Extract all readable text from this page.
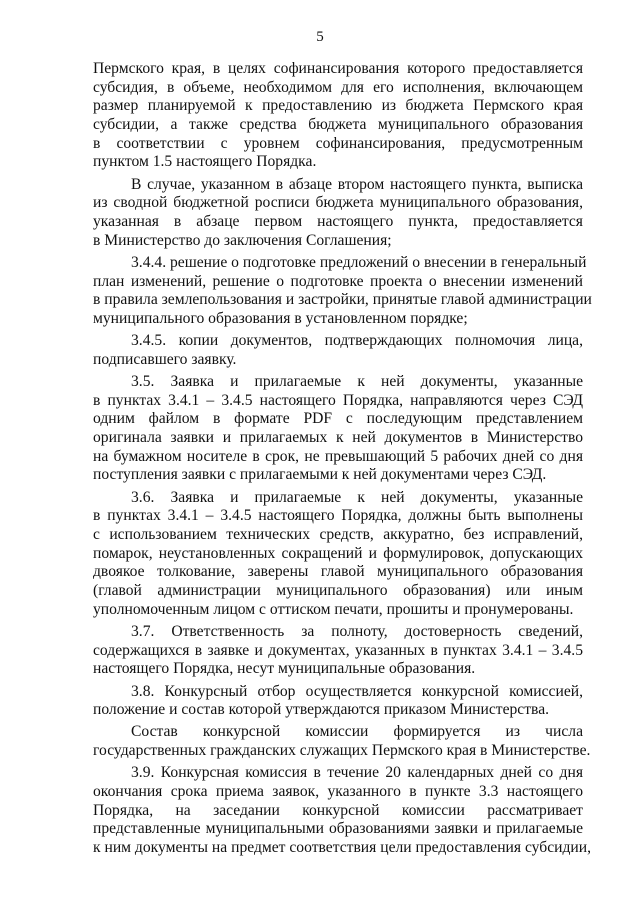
5
Пермского края, в целях софинансирования которого предоставляется
субсидия, в объеме, необходимом для его исполнения, включающем
размер планируемой к предоставлению из бюджета Пермского края
субсидии, а также средства бюджета муниципального образования
в соответствии с уровнем софинансирования, предусмотренным
пунктом 1.5 настоящего Порядка.
В случае, указанном в абзаце втором настоящего пункта, выписка
из сводной бюджетной росписи бюджета муниципального образования,
указанная в абзаце первом настоящего пункта, предоставляется
в Министерство до заключения Соглашения;
3.4.4. решение о подготовке предложений о внесении в генеральный
план изменений, решение о подготовке проекта о внесении изменений
в правила землепользования и застройки, принятые главой администрации
муниципального образования в установленном порядке;
3.4.5. копии документов, подтверждающих полномочия лица,
подписавшего заявку.
3.5. Заявка и прилагаемые к ней документы, указанные
в пунктах 3.4.1 – 3.4.5 настоящего Порядка, направляются через СЭД
одним файлом в формате PDF с последующим представлением
оригинала заявки и прилагаемых к ней документов в Министерство
на бумажном носителе в срок, не превышающий 5 рабочих дней со дня
поступления заявки с прилагаемыми к ней документами через СЭД.
3.6. Заявка и прилагаемые к ней документы, указанные
в пунктах 3.4.1 – 3.4.5 настоящего Порядка, должны быть выполнены
с использованием технических средств, аккуратно, без исправлений,
помарок, неустановленных сокращений и формулировок, допускающих
двоякое толкование, заверены главой муниципального образования
(главой администрации муниципального образования) или иным
уполномоченным лицом с оттиском печати, прошиты и пронумерованы.
3.7. Ответственность за полноту, достоверность сведений,
содержащихся в заявке и документах, указанных в пунктах 3.4.1 – 3.4.5
настоящего Порядка, несут муниципальные образования.
3.8. Конкурсный отбор осуществляется конкурсной комиссией,
положение и состав которой утверждаются приказом Министерства.
Состав конкурсной комиссии формируется из числа
государственных гражданских служащих Пермского края в Министерстве.
3.9. Конкурсная комиссия в течение 20 календарных дней со дня
окончания срока приема заявок, указанного в пункте 3.3 настоящего
Порядка, на заседании конкурсной комиссии рассматривает
представленные муниципальными образованиями заявки и прилагаемые
к ним документы на предмет соответствия цели предоставления субсидии,
